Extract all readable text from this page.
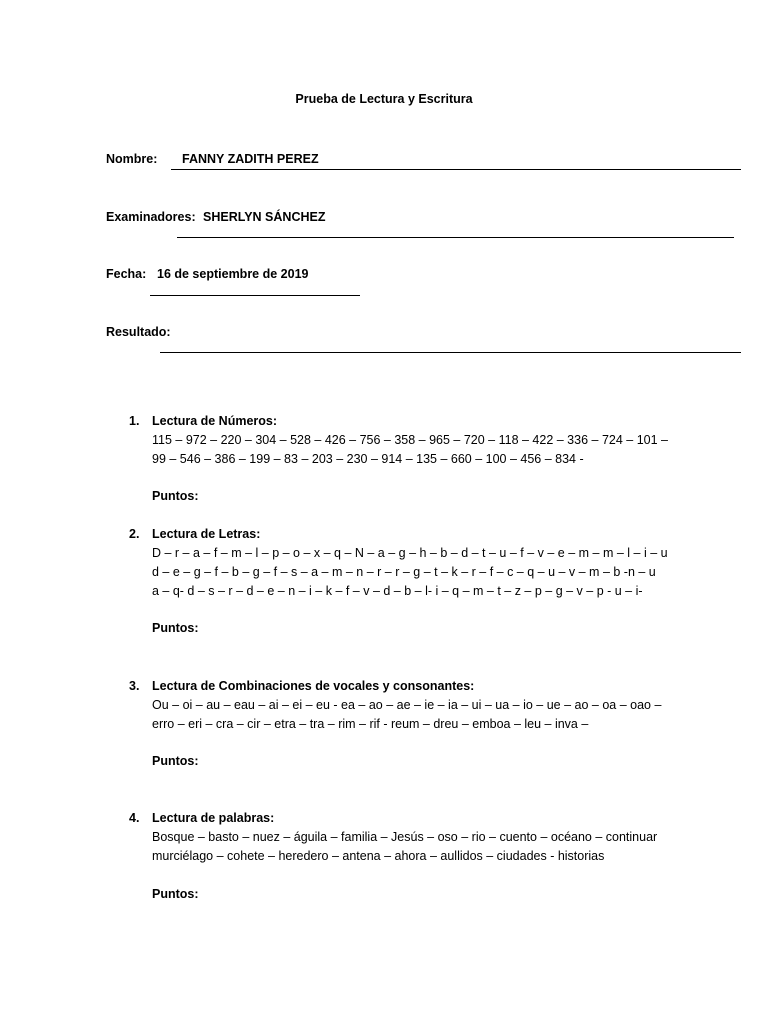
Prueba de Lectura y Escritura
Nombre: FANNY ZADITH PEREZ
Examinadores: SHERLYN SÁNCHEZ
Fecha: 16 de septiembre de 2019
Resultado:
1. Lectura de Números:
115 – 972 – 220 – 304 – 528 – 426 – 756 – 358 – 965 – 720 – 118 – 422 – 336 – 724 – 101 –
99 – 546 – 386 – 199 – 83 – 203 – 230 – 914 – 135 – 660 – 100 – 456 – 834 -
Puntos:
2. Lectura de Letras:
D – r – a – f – m – l – p – o – x – q – N – a – g – h – b – d – t – u – f – v – e – m – m – l – i – u
d – e – g – f – b – g – f – s – a – m – n – r – r – g – t – k – r – f – c – q – u – v – m – b -n – u
a – q- d – s – r – d – e – n – i – k – f – v – d – b – l- i – q – m – t – z – p – g – v – p - u – i-
Puntos:
3. Lectura de Combinaciones de vocales y consonantes:
Ou – oi – au – eau – ai – ei – eu - ea – ao – ae – ie – ia – ui – ua – io – ue – ao – oa – oao –
erro – eri – cra – cir – etra – tra – rim – rif - reum – dreu – emboa – leu – inva –
Puntos:
4. Lectura de palabras:
Bosque – basto – nuez – águila – familia – Jesús – oso – rio – cuento – océano – continuar
murciélago – cohete – heredero – antena – ahora – aullidos – ciudades - historias
Puntos:
